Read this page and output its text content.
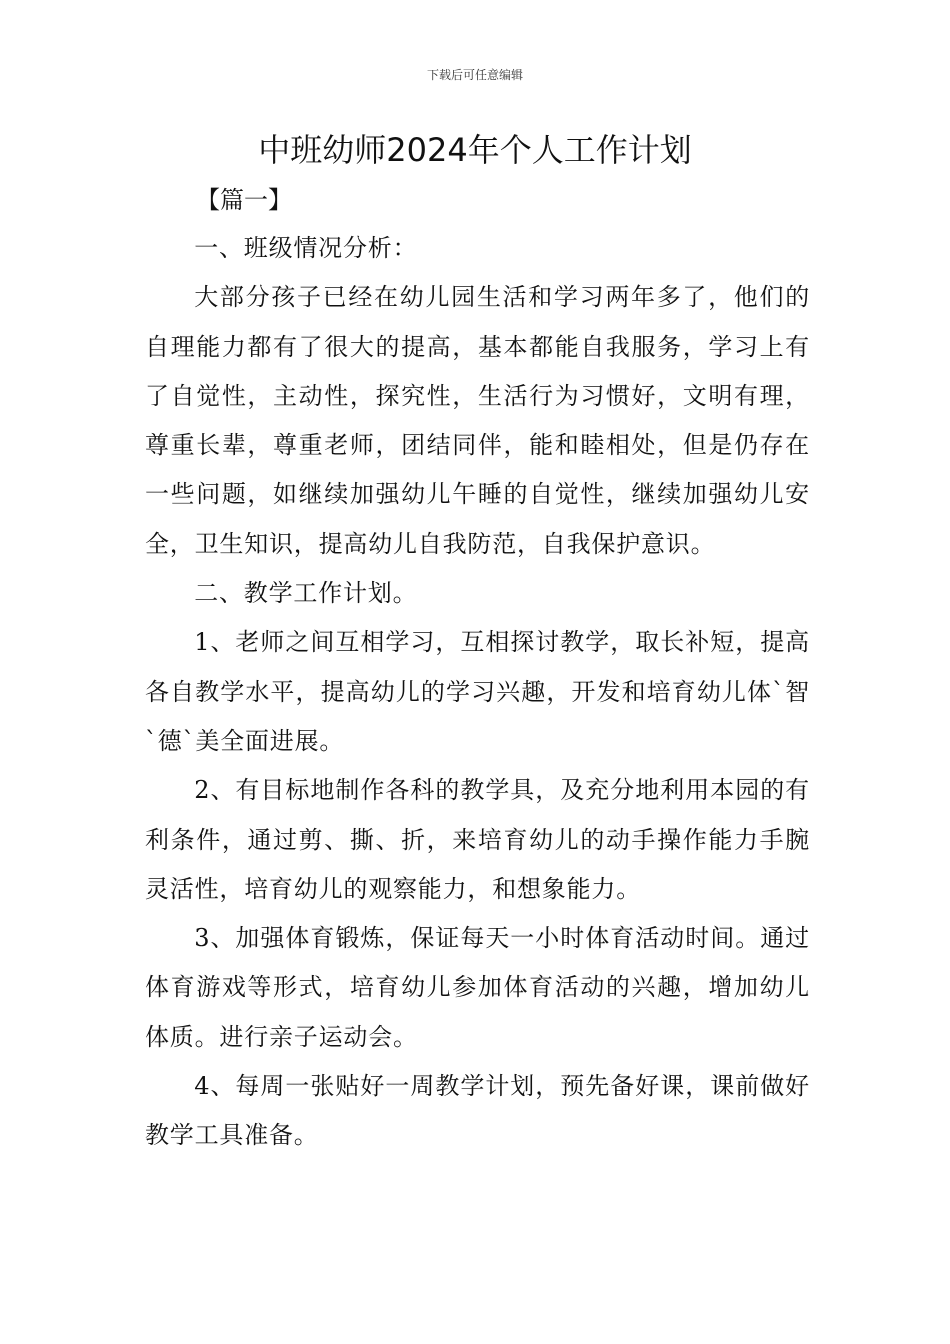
下载后可任意编辑
中班幼师2024年个人工作计划
【篇一】

一、班级情况分析：

大部分孩子已经在幼儿园生活和学习两年多了，他们的自理能力都有了很大的提高，基本都能自我服务，学习上有了自觉性，主动性，探究性，生活行为习惯好，文明有理，尊重长辈，尊重老师，团结同伴，能和睦相处，但是仍存在一些问题，如继续加强幼儿午睡的自觉性，继续加强幼儿安全，卫生知识，提高幼儿自我防范，自我保护意识。

二、教学工作计划。

1、老师之间互相学习，互相探讨教学，取长补短，提高各自教学水平，提高幼儿的学习兴趣，开发和培育幼儿体`智`德`美全面进展。

2、有目标地制作各科的教学具，及充分地利用本园的有利条件，通过剪、撕、折，来培育幼儿的动手操作能力手腕灵活性，培育幼儿的观察能力，和想象能力。

3、加强体育锻炼，保证每天一小时体育活动时间。通过体育游戏等形式，培育幼儿参加体育活动的兴趣，增加幼儿体质。进行亲子运动会。

4、每周一张贴好一周教学计划，预先备好课，课前做好教学工具准备。
